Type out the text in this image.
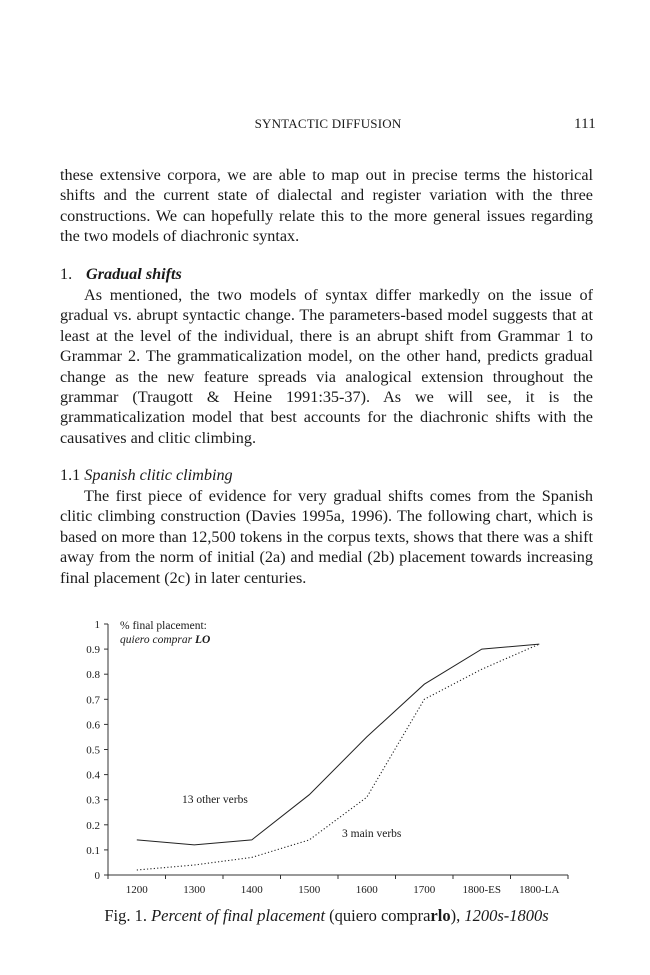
SYNTACTIC DIFFUSION	111

these extensive corpora, we are able to map out in precise terms the historical shifts and the current state of dialectal and register variation with the three constructions. We can hopefully relate this to the more general issues regarding the two models of diachronic syntax.

1. Gradual shifts

As mentioned, the two models of syntax differ markedly on the issue of gradual vs. abrupt syntactic change. The parameters-based model suggests that at least at the level of the individual, there is an abrupt shift from Grammar 1 to Grammar 2. The grammaticalization model, on the other hand, predicts gradual change as the new feature spreads via analogical extension throughout the grammar (Traugott & Heine 1991:35-37). As we will see, it is the grammaticalization model that best accounts for the diachronic shifts with the causatives and clitic climbing.

1.1 Spanish clitic climbing

The first piece of evidence for very gradual shifts comes from the Spanish clitic climbing construction (Davies 1995a, 1996). The following chart, which is based on more than 12,500 tokens in the corpus texts, shows that there was a shift away from the norm of initial (2a) and medial (2b) placement towards increasing final placement (2c) in later centuries.

0
0.1
0.2
0.3
0.4
0.5
0.6
0.7
0.8
0.9
1
1200	1300	1400	1500	1600	1700 1800-ES 1800-LA
% final placement:
quiero comprar LO
13 other verbs
3 main verbs
Fig. 1. Percent of final placement (quiero comprarlo), 1200s-1800s
